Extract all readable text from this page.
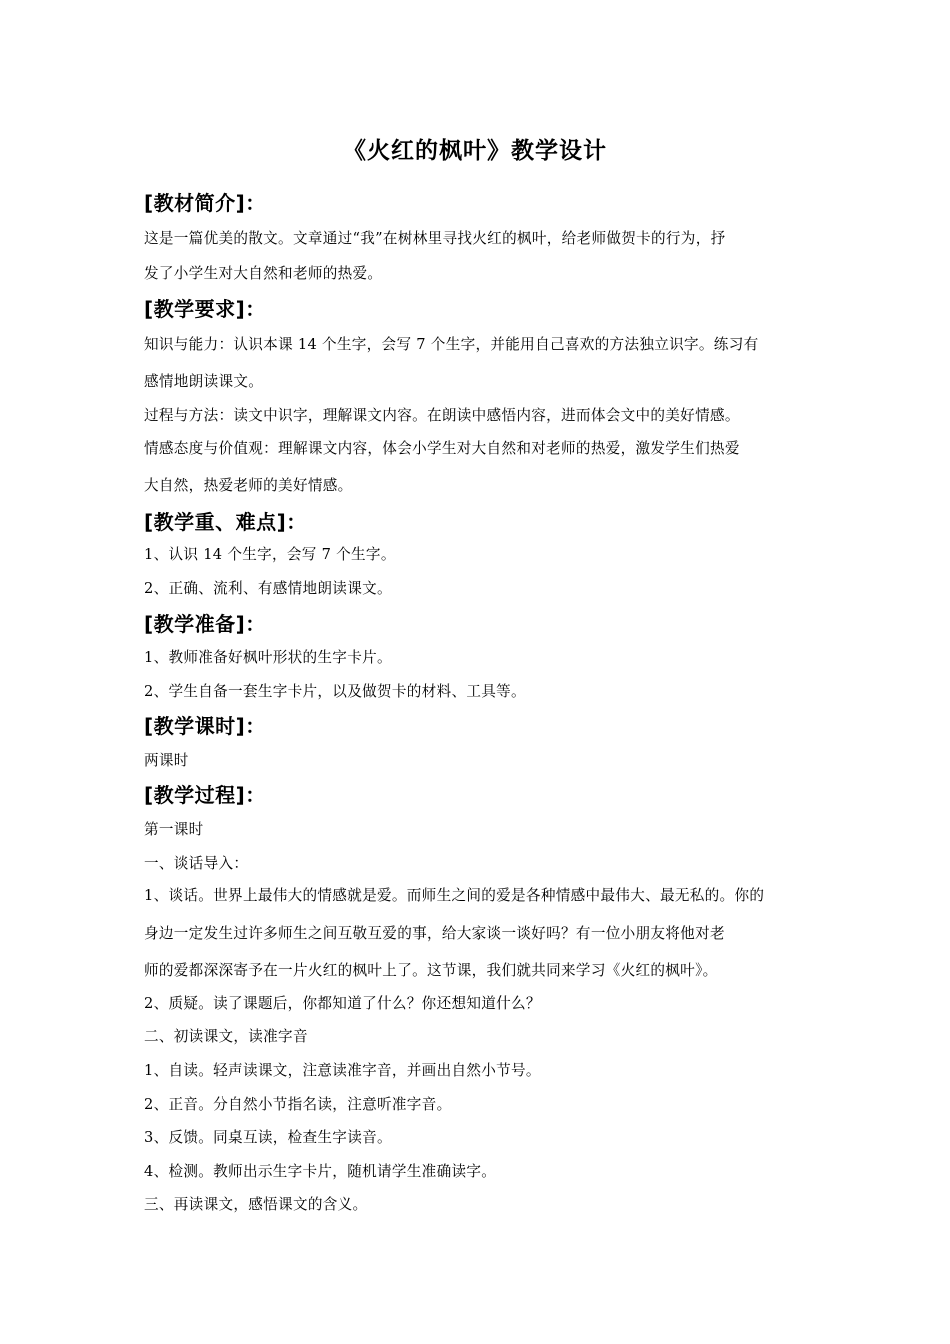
《火红的枫叶》教学设计
[教材简介]：
这是一篇优美的散文。文章通过“我”在树林里寻找火红的枫叶，给老师做贺卡的行为，抒
发了小学生对大自然和老师的热爱。
[教学要求]：
知识与能力：认识本课 14 个生字，会写 7 个生字，并能用自己喜欢的方法独立识字。练习有
感情地朗读课文。
过程与方法：读文中识字，理解课文内容。在朗读中感悟内容，进而体会文中的美好情感。
情感态度与价值观：理解课文内容，体会小学生对大自然和对老师的热爱，激发学生们热爱
大自然，热爱老师的美好情感。
[教学重、难点]：
1、认识 14 个生字，会写 7 个生字。
2、正确、流利、有感情地朗读课文。
[教学准备]：
1、教师准备好枫叶形状的生字卡片。
2、学生自备一套生字卡片，以及做贺卡的材料、工具等。
[教学课时]：
两课时
[教学过程]：
第一课时
一、谈话导入：
1、谈话。世界上最伟大的情感就是爱。而师生之间的爱是各种情感中最伟大、最无私的。你的
身边一定发生过许多师生之间互敬互爱的事，给大家谈一谈好吗？有一位小朋友将他对老
师的爱都深深寄予在一片火红的枫叶上了。这节课，我们就共同来学习《火红的枫叶》。
2、质疑。读了课题后，你都知道了什么？你还想知道什么？
二、初读课文，读准字音
1、自读。轻声读课文，注意读准字音，并画出自然小节号。
2、正音。分自然小节指名读，注意听准字音。
3、反馈。同桌互读，检查生字读音。
4、检测。教师出示生字卡片，随机请学生准确读字。
三、再读课文，感悟课文的含义。
